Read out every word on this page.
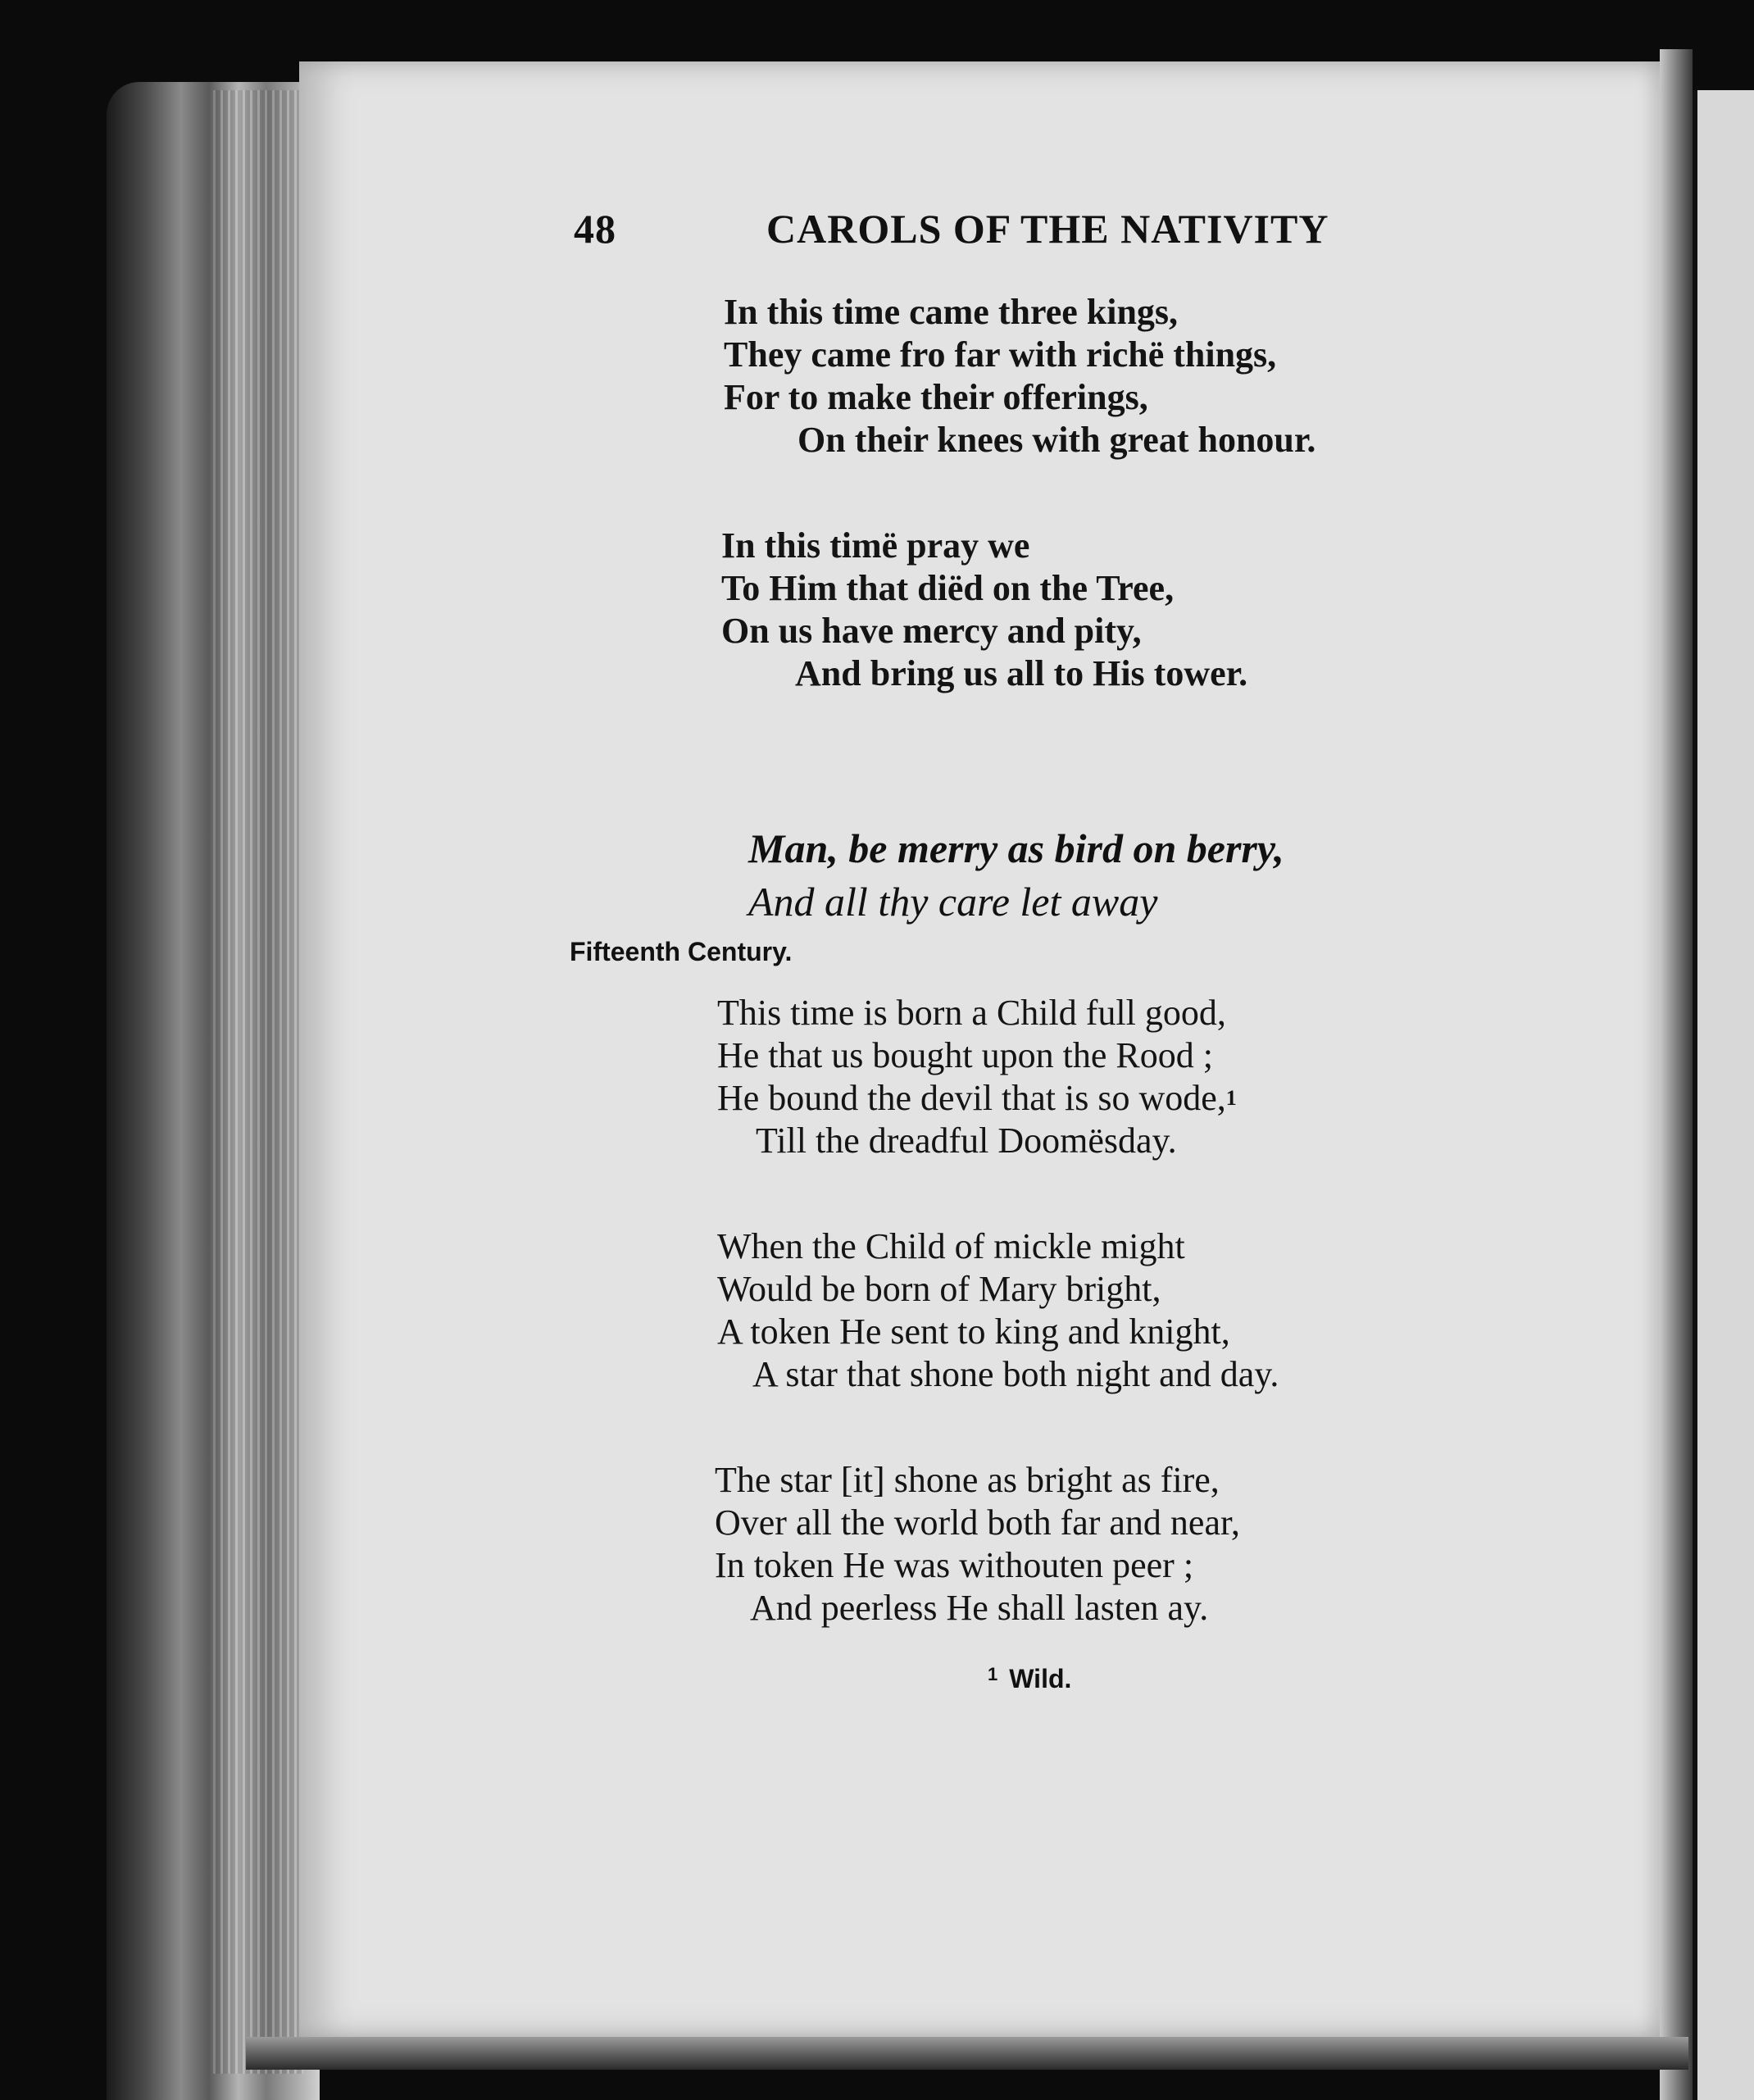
48	CAROLS OF THE NATIVITY
In this time came three kings,
They came fro far with richë things,
For to make their offerings,
On their knees with great honour.
In this timë pray we
To Him that diëd on the Tree,
On us have mercy and pity,
And bring us all to His tower.
Man, be merry as bird on berry,
And all thy care let away
Fifteenth Century.
This time is born a Child full good,
He that us bought upon the Rood ;
He bound the devil that is so wode,$^1$
Till the dreadful Doomësday.
When the Child of mickle might
Would be born of Mary bright,
A token He sent to king and knight,
A star that shone both night and day.
The star [it] shone as bright as fire,
Over all the world both far and near,
In token He was withouten peer ;
And peerless He shall lasten ay.
$^1$ Wild.
